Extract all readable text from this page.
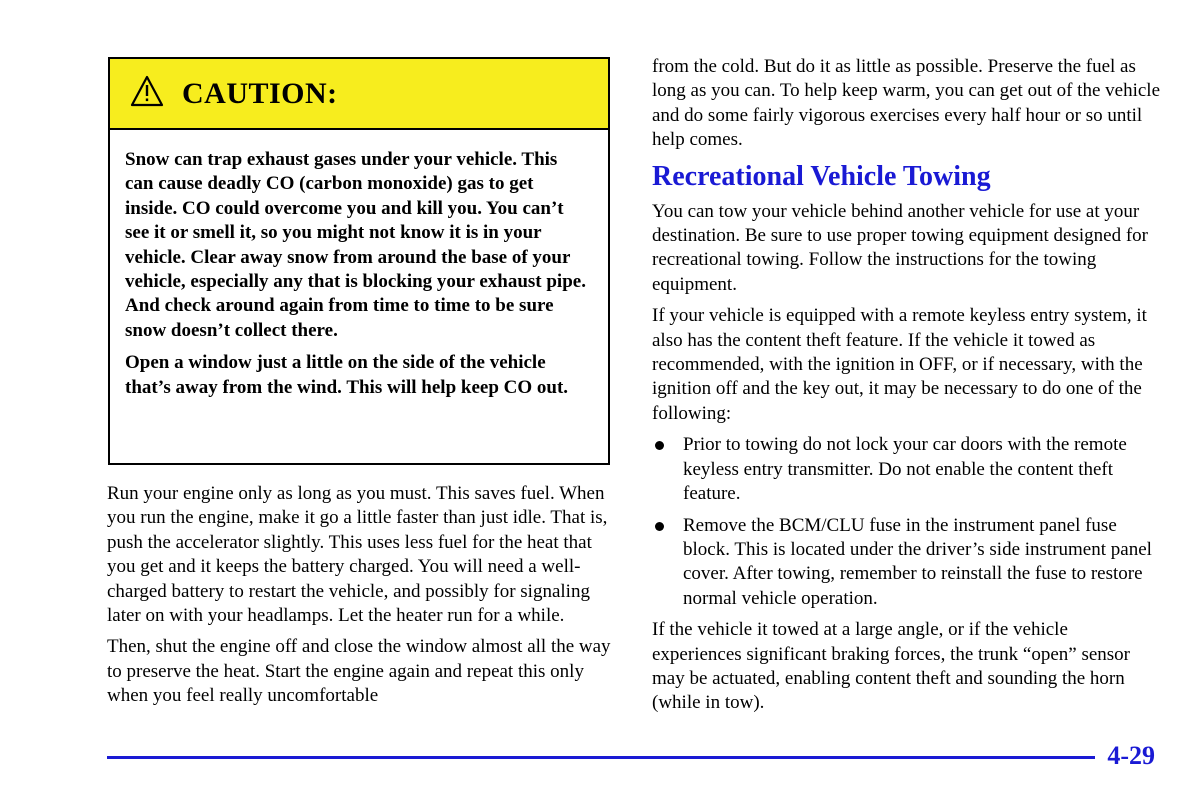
CAUTION:

Snow can trap exhaust gases under your vehicle. This can cause deadly CO (carbon monoxide) gas to get inside. CO could overcome you and kill you. You can’t see it or smell it, so you might not know it is in your vehicle. Clear away snow from around the base of your vehicle, especially any that is blocking your exhaust pipe. And check around again from time to time to be sure snow doesn’t collect there.

Open a window just a little on the side of the vehicle that’s away from the wind. This will help keep CO out.

Run your engine only as long as you must. This saves fuel. When you run the engine, make it go a little faster than just idle. That is, push the accelerator slightly. This uses less fuel for the heat that you get and it keeps the battery charged. You will need a well-charged battery to restart the vehicle, and possibly for signaling later on with your headlamps. Let the heater run for a while.

Then, shut the engine off and close the window almost all the way to preserve the heat. Start the engine again and repeat this only when you feel really uncomfortable

from the cold. But do it as little as possible. Preserve the fuel as long as you can. To help keep warm, you can get out of the vehicle and do some fairly vigorous exercises every half hour or so until help comes.

Recreational Vehicle Towing

You can tow your vehicle behind another vehicle for use at your destination. Be sure to use proper towing equipment designed for recreational towing. Follow the instructions for the towing equipment.

If your vehicle is equipped with a remote keyless entry system, it also has the content theft feature. If the vehicle it towed as recommended, with the ignition in OFF, or if necessary, with the ignition off and the key out, it may be necessary to do one of the following:

Prior to towing do not lock your car doors with the remote keyless entry transmitter. Do not enable the content theft feature.
Remove the BCM/CLU fuse in the instrument panel fuse block. This is located under the driver’s side instrument panel cover. After towing, remember to reinstall the fuse to restore normal vehicle operation.

If the vehicle it towed at a large angle, or if the vehicle experiences significant braking forces, the trunk “open” sensor may be actuated, enabling content theft and sounding the horn (while in tow).

4-29
